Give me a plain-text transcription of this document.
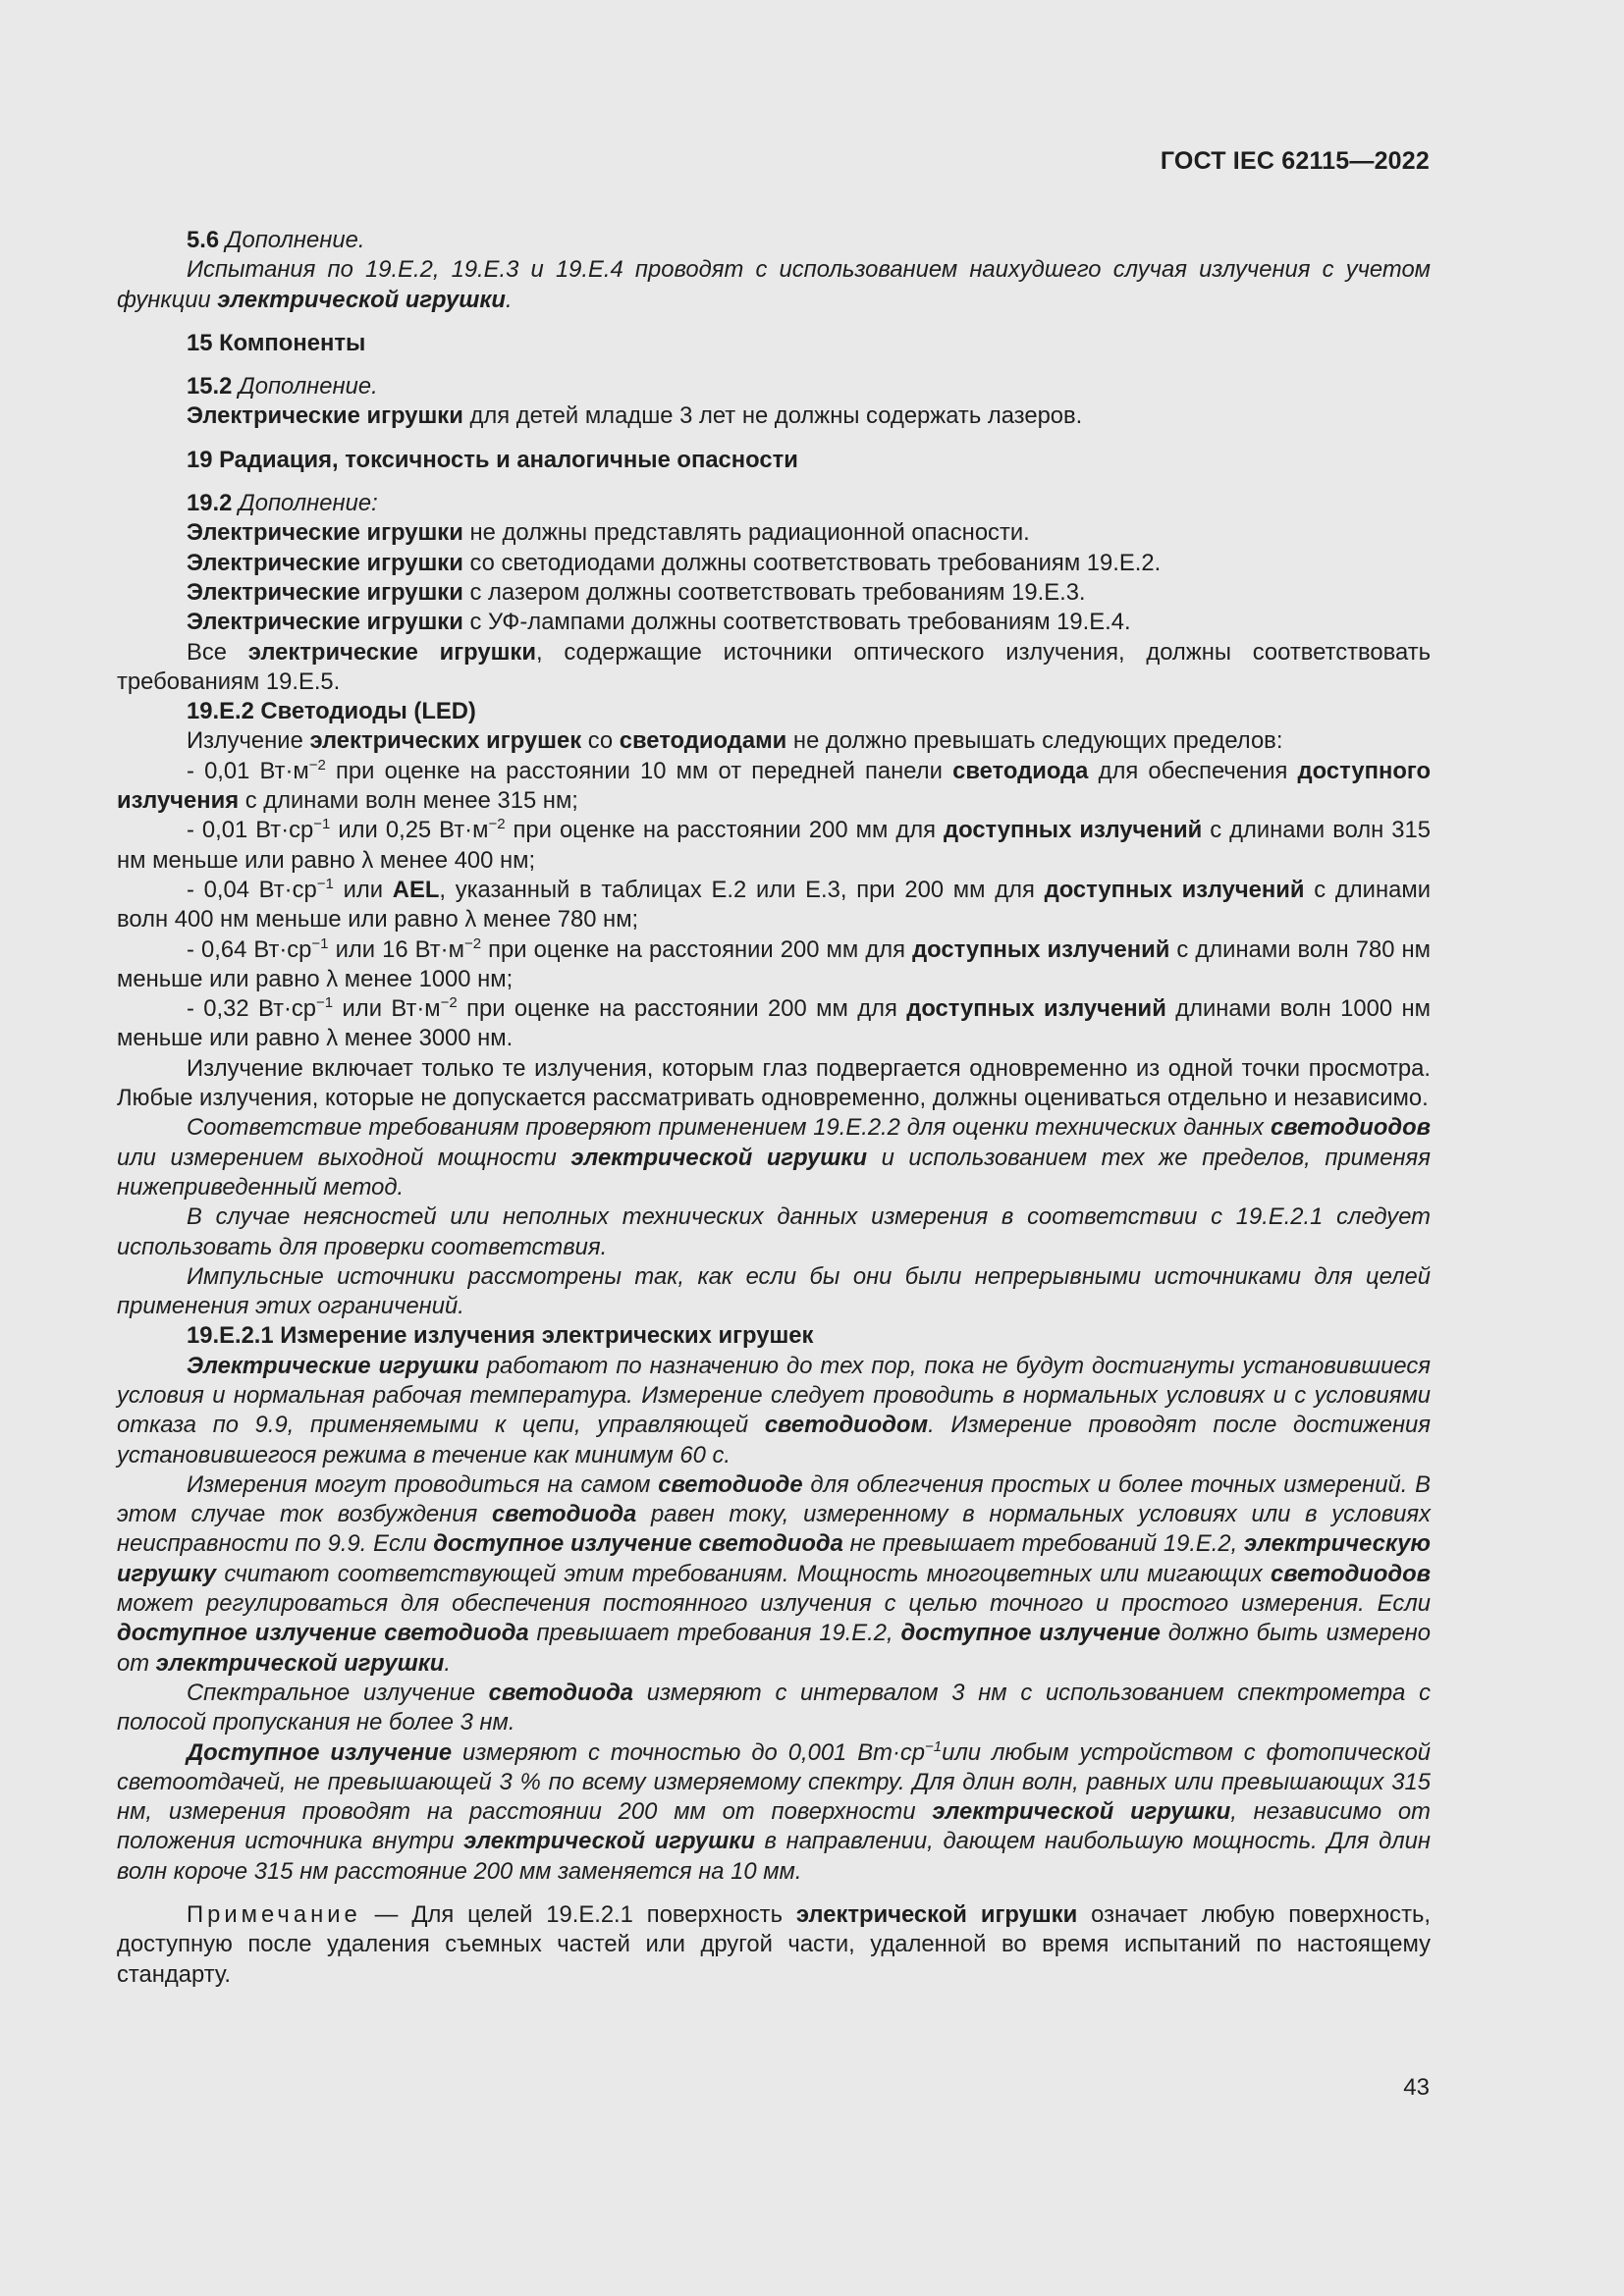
ГОСТ IEC 62115—2022

5.6 Дополнение.

Испытания по 19.Е.2, 19.Е.3 и 19.Е.4 проводят с использованием наихудшего случая излучения с учетом функции электрической игрушки.

15 Компоненты

15.2 Дополнение.

Электрические игрушки для детей младше 3 лет не должны содержать лазеров.

19 Радиация, токсичность и аналогичные опасности

19.2 Дополнение:

Электрические игрушки не должны представлять радиационной опасности.

Электрические игрушки со светодиодами должны соответствовать требованиям 19.Е.2.

Электрические игрушки с лазером должны соответствовать требованиям 19.Е.3.

Электрические игрушки с УФ-лампами должны соответствовать требованиям 19.Е.4.

Все электрические игрушки, содержащие источники оптического излучения, должны соответствовать требованиям 19.Е.5.

19.Е.2 Светодиоды (LED)

Излучение электрических игрушек со светодиодами не должно превышать следующих пределов:

- 0,01 $Вт\cdot м^{-2}$ при оценке на расстоянии 10 мм от передней панели светодиода для обеспечения доступного излучения с длинами волн менее 315 нм;

- 0,01 $Вт\cdot ср^{-1}$ или 0,25 $Вт\cdot м^{-2}$ при оценке на расстоянии 200 мм для доступных излучений с длинами волн 315 нм меньше или равно λ менее 400 нм;

- 0,04 $Вт\cdot ср^{-1}$ или AEL, указанный в таблицах Е.2 или Е.3, при 200 мм для доступных излучений с длинами волн 400 нм меньше или равно λ менее 780 нм;

- 0,64 $Вт\cdot ср^{-1}$ или 16 $Вт\cdot м^{-2}$ при оценке на расстоянии 200 мм для доступных излучений с длинами волн 780 нм меньше или равно λ менее 1000 нм;

- 0,32 $Вт\cdot ср^{-1}$ или $Вт\cdot м^{-2}$ при оценке на расстоянии 200 мм для доступных излучений длинами волн 1000 нм меньше или равно λ менее 3000 нм.

Излучение включает только те излучения, которым глаз подвергается одновременно из одной точки просмотра. Любые излучения, которые не допускается рассматривать одновременно, должны оцениваться отдельно и независимо.

Соответствие требованиям проверяют применением 19.Е.2.2 для оценки технических данных светодиодов или измерением выходной мощности электрической игрушки и использованием тех же пределов, применяя нижеприведенный метод.

В случае неясностей или неполных технических данных измерения в соответствии с 19.Е.2.1 следует использовать для проверки соответствия.

Импульсные источники рассмотрены так, как если бы они были непрерывными источниками для целей применения этих ограничений.

19.Е.2.1 Измерение излучения электрических игрушек

Электрические игрушки работают по назначению до тех пор, пока не будут достигнуты установившиеся условия и нормальная рабочая температура. Измерение следует проводить в нормальных условиях и с условиями отказа по 9.9, применяемыми к цепи, управляющей светодиодом. Измерение проводят после достижения установившегося режима в течение как минимум 60 с.

Измерения могут проводиться на самом светодиоде для облегчения простых и более точных измерений. В этом случае ток возбуждения светодиода равен току, измеренному в нормальных условиях или в условиях неисправности по 9.9. Если доступное излучение светодиода не превышает требований 19.Е.2, электрическую игрушку считают соответствующей этим требованиям. Мощность многоцветных или мигающих светодиодов может регулироваться для обеспечения постоянного излучения с целью точного и простого измерения. Если доступное излучение светодиода превышает требования 19.Е.2, доступное излучение должно быть измерено от электрической игрушки.

Спектральное излучение светодиода измеряют с интервалом 3 нм с использованием спектрометра с полосой пропускания не более 3 нм.

Доступное излучение измеряют с точностью до 0,001 $Вт\cdot ср^{-1}или$ любым устройством с фотопической светоотдачей, не превышающей 3 % по всему измеряемому спектру. Для длин волн, равных или превышающих 315 нм, измерения проводят на расстоянии 200 мм от поверхности электрической игрушки, независимо от положения источника внутри электрической игрушки в направлении, дающем наибольшую мощность. Для длин волн короче 315 нм расстояние 200 мм заменяется на 10 мм.

Примечание — Для целей 19.Е.2.1 поверхность электрической игрушки означает любую поверхность, доступную после удаления съемных частей или другой части, удаленной во время испытаний по настоящему стандарту.

43
